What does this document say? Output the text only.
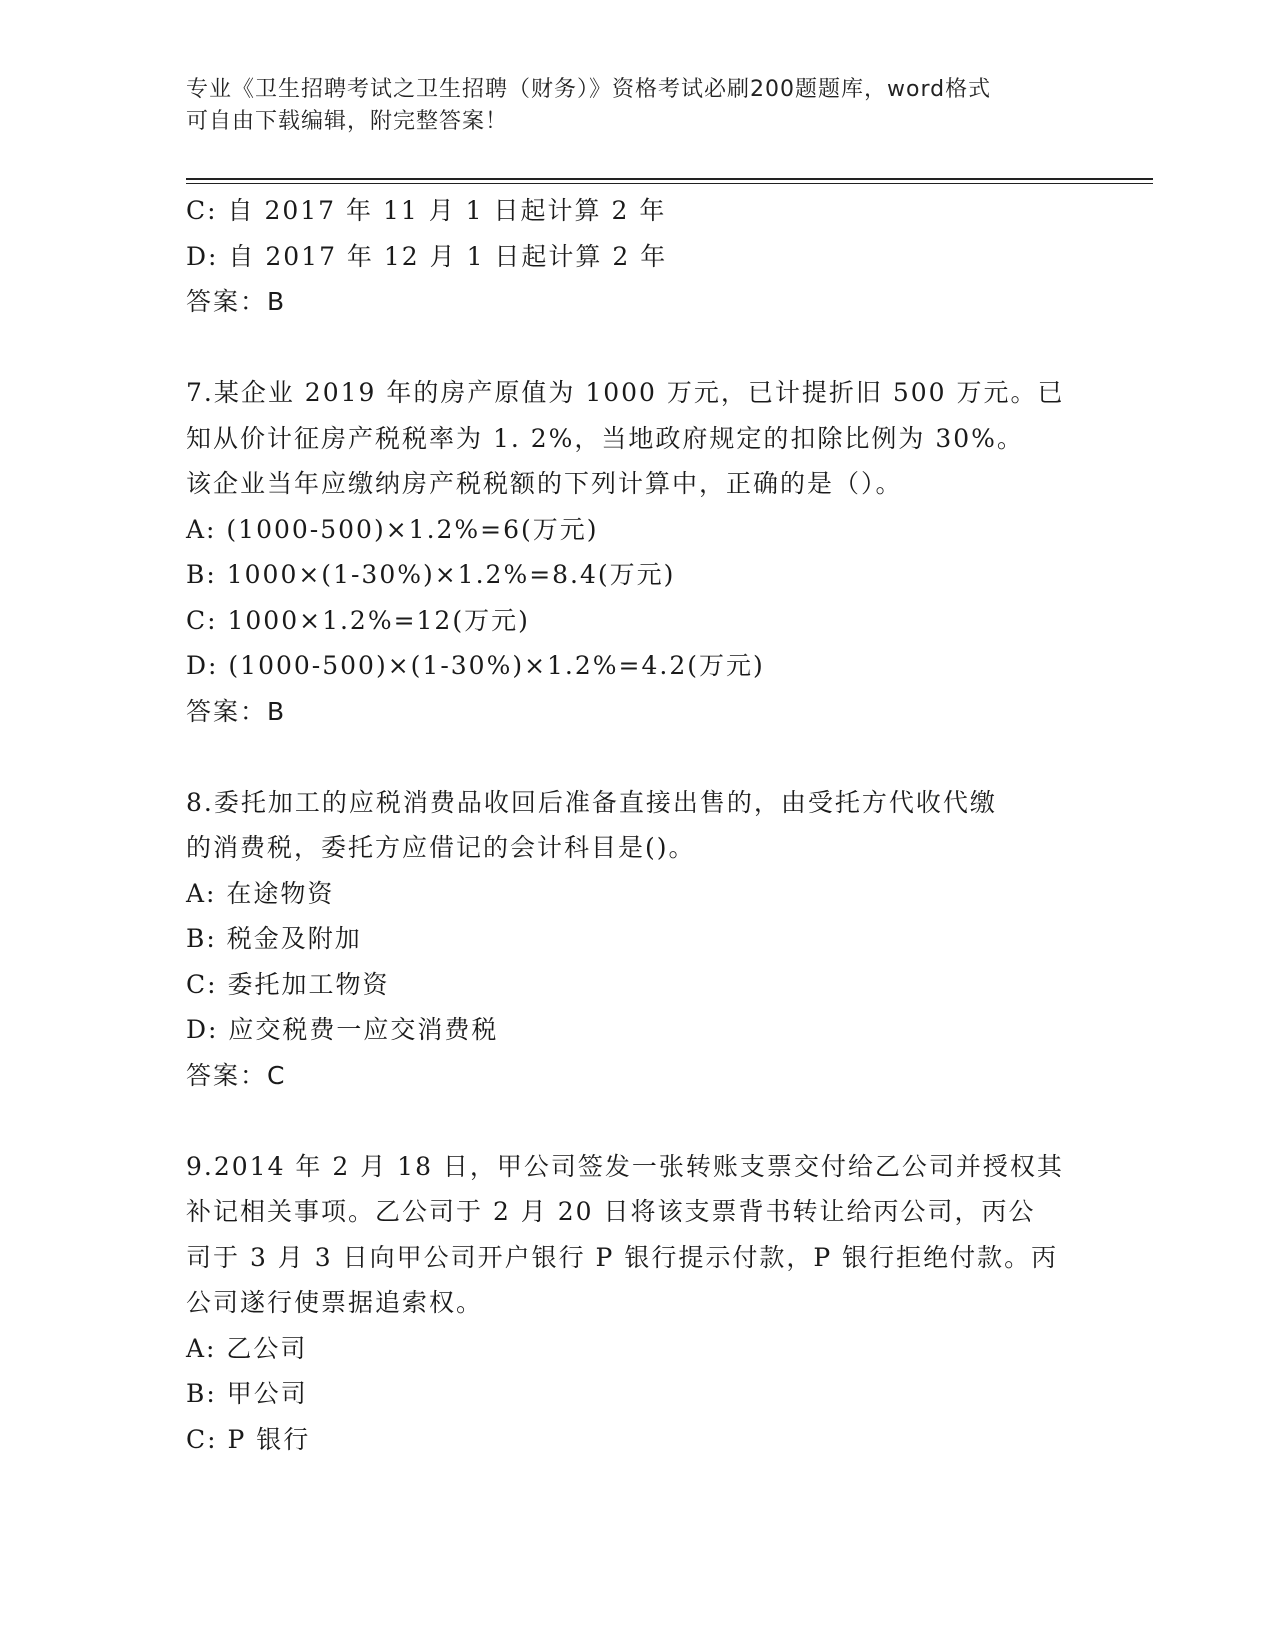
专业《卫生招聘考试之卫生招聘（财务）》资格考试必刷200题题库，word格式
可自由下载编辑，附完整答案！
C: 自 2017 年 11 月 1 日起计算 2 年
D: 自 2017 年 12 月 1 日起计算 2 年
答案：B
7.某企业 2019 年的房产原值为 1000 万元，已计提折旧 500 万元。已
知从价计征房产税税率为 1. 2%，当地政府规定的扣除比例为 30%。
该企业当年应缴纳房产税税额的下列计算中，正确的是（）。
A: (1000-500)×1.2%=6(万元)
B: 1000×(1-30%)×1.2%=8.4(万元)
C: 1000×1.2%=12(万元)
D: (1000-500)×(1-30%)×1.2%=4.2(万元)
答案：B
8.委托加工的应税消费品收回后准备直接出售的，由受托方代收代缴
的消费税，委托方应借记的会计科目是()。
A: 在途物资
B: 税金及附加
C: 委托加工物资
D: 应交税费一应交消费税
答案：C
9.2014 年 2 月 18 日，甲公司签发一张转账支票交付给乙公司并授权其
补记相关事项。乙公司于 2 月 20 日将该支票背书转让给丙公司，丙公
司于 3 月 3 日向甲公司开户银行 P 银行提示付款，P 银行拒绝付款。丙
公司遂行使票据追索权。
A: 乙公司
B: 甲公司
C: P 银行
